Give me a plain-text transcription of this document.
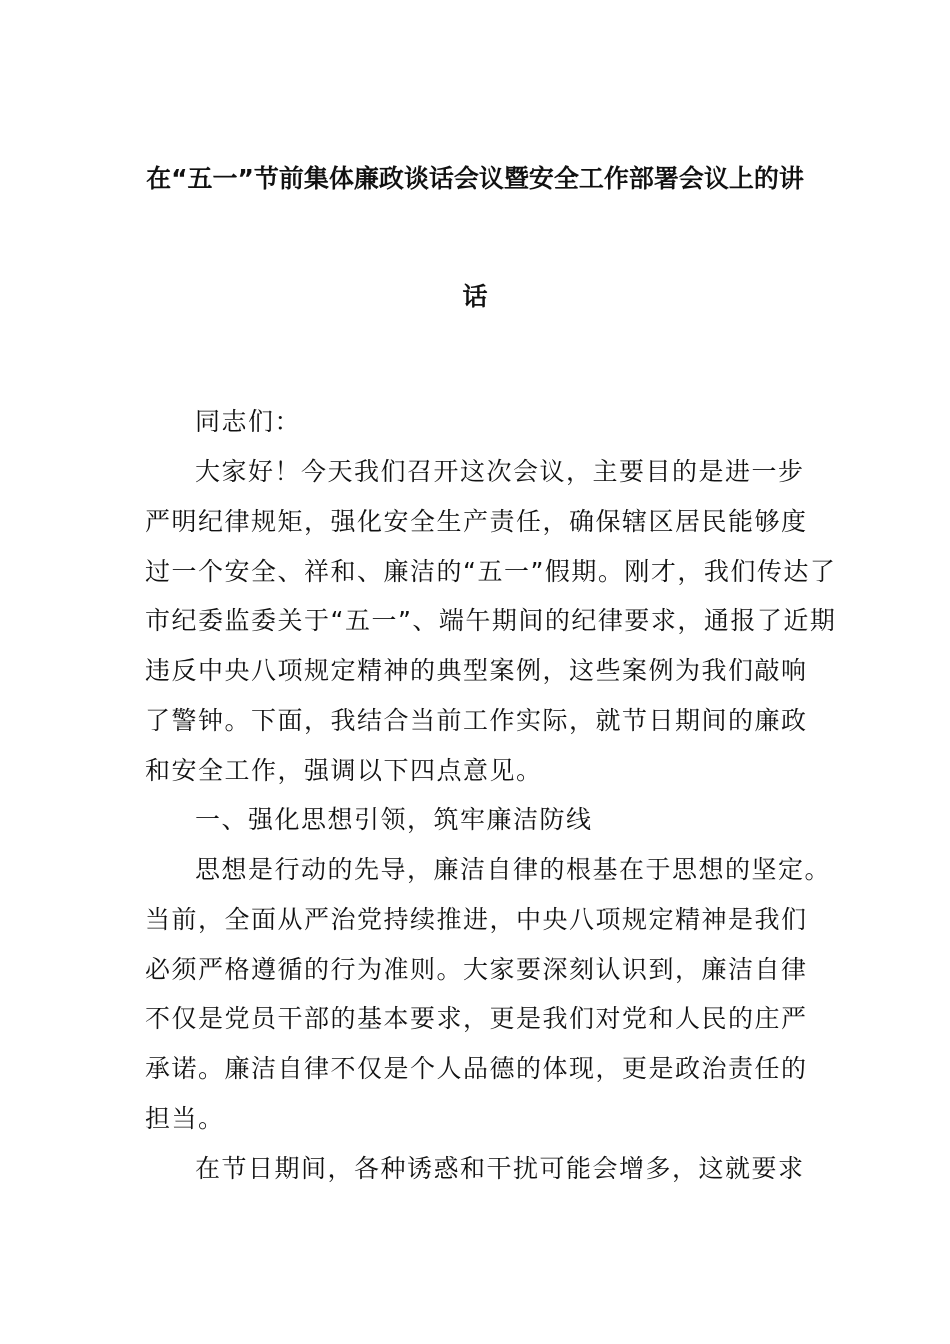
在“五一”节前集体廉政谈话会议暨安全工作部署会议上的讲
话
同志们：
大家好！今天我们召开这次会议，主要目的是进一步
严明纪律规矩，强化安全生产责任，确保辖区居民能够度
过一个安全、祥和、廉洁的“五一”假期。刚才，我们传达了
市纪委监委关于“五一”、端午期间的纪律要求，通报了近期
违反中央八项规定精神的典型案例，这些案例为我们敲响
了警钟。下面，我结合当前工作实际，就节日期间的廉政
和安全工作，强调以下四点意见。
一、强化思想引领，筑牢廉洁防线
思想是行动的先导，廉洁自律的根基在于思想的坚定。
当前，全面从严治党持续推进，中央八项规定精神是我们
必须严格遵循的行为准则。大家要深刻认识到，廉洁自律
不仅是党员干部的基本要求，更是我们对党和人民的庄严
承诺。廉洁自律不仅是个人品德的体现，更是政治责任的
担当。
在节日期间，各种诱惑和干扰可能会增多，这就要求
